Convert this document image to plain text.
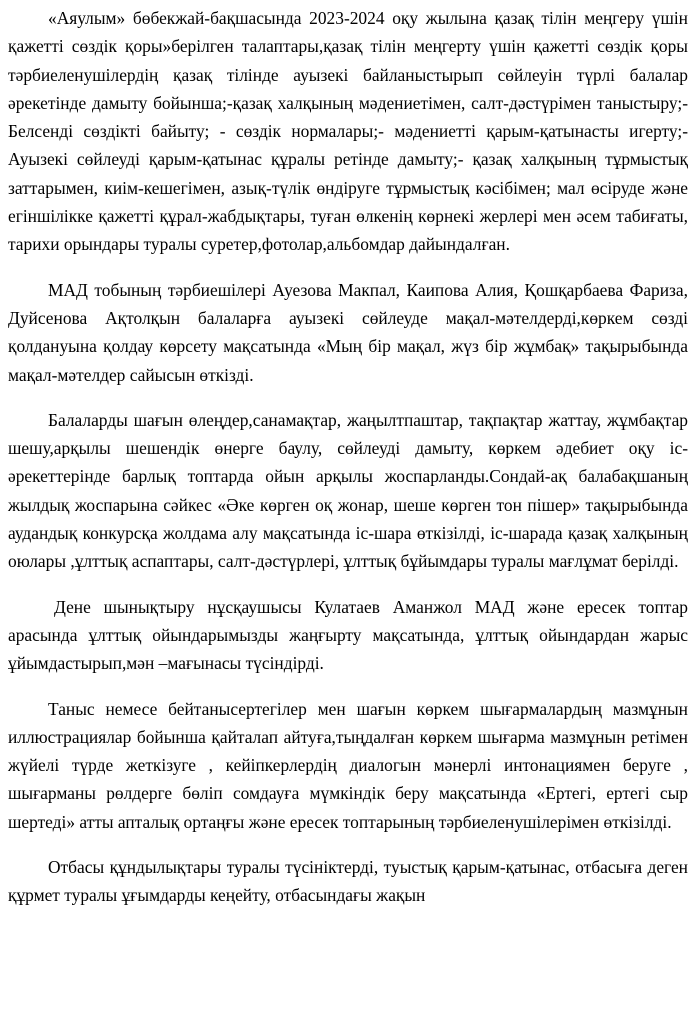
«Аяулым» бөбекжай-бақшасында 2023-2024 оқу жылына қазақ тілін меңгеру үшін қажетті сөздік қоры»берілген талаптары,қазақ тілін меңгерту үшін қажетті сөздік қоры тәрбиеленушілердің қазақ тілінде ауызекі байланыстырып сөйлеуін түрлі балалар әрекетінде дамыту бойынша;-қазақ халқының мәдениетімен, салт-дәстүрімен таныстыру;-Белсенді сөздікті байыту; - сөздік нормалары;- мәдениетті қарым-қатынасты игерту;- Ауызекі сөйлеуді қарым-қатынас құралы ретінде дамыту;- қазақ халқының тұрмыстық заттарымен, киім-кешегімен, азық-түлік өндіруге тұрмыстық кәсібімен; мал өсіруде және егіншілікке қажетті құрал-жабдықтары, туған өлкенің көрнекі жерлері мен әсем табиғаты, тарихи орындары туралы суретер,фотолар,альбомдар дайындалған.

МАД тобының тәрбиешілері Ауезова Макпал, Каипова Алия, Қошқарбаева Фариза, Дуйсенова Ақтолқын балаларға ауызекі сөйлеуде мақал-мәтелдерді,көркем сөзді қолдануына қолдау көрсету мақсатында «Мың бір мақал, жүз бір жұмбақ» тақырыбында мақал-мәтелдер сайысын өткізді.

Балаларды шағын өлеңдер,санамақтар, жаңылтпаштар, тақпақтар жаттау, жұмбақтар шешу,арқылы шешендік өнерге баулу, сөйлеуді дамыту, көркем әдебиет оқу іс-әрекеттерінде барлық топтарда ойын арқылы жоспарланды.Сондай-ақ балабақшаның жылдық жоспарына сәйкес «Әке көрген оқ жонар, шеше көрген тон пішер» тақырыбында аудандық конкурсқа жолдама алу мақсатында іс-шара өткізілді, іс-шарада қазақ халқының оюлары ,ұлттық аспаптары, салт-дәстүрлері, ұлттық бұйымдары туралы мағлұмат берілді.

Дене шынықтыру нұсқаушысы Кулатаев Аманжол МАД және ересек топтар арасында ұлттық ойындарымызды жаңғырту мақсатында, ұлттық ойындардан жарыс ұйымдастырып,мән –мағынасы түсіндірді.

Таныс немесе бейтанысертегілер мен шағын көркем шығармалардың мазмұнын иллюстрациялар бойынша қайталап айтуға,тыңдалған көркем шығарма мазмұнын ретімен жүйелі түрде жеткізуге , кейіпкерлердің диалогын мәнерлі интонациямен беруге , шығарманы рөлдерге бөліп сомдауға мүмкіндік беру мақсатында «Ертегі, ертегі сыр шертеді» атты апталық ортаңғы және ересек топтарының тәрбиеленушілерімен өткізілді.

Отбасы құндылықтары туралы түсініктерді, туыстық қарым-қатынас, отбасыға деген құрмет туралы ұғымдарды кеңейту, отбасындағы жақын
